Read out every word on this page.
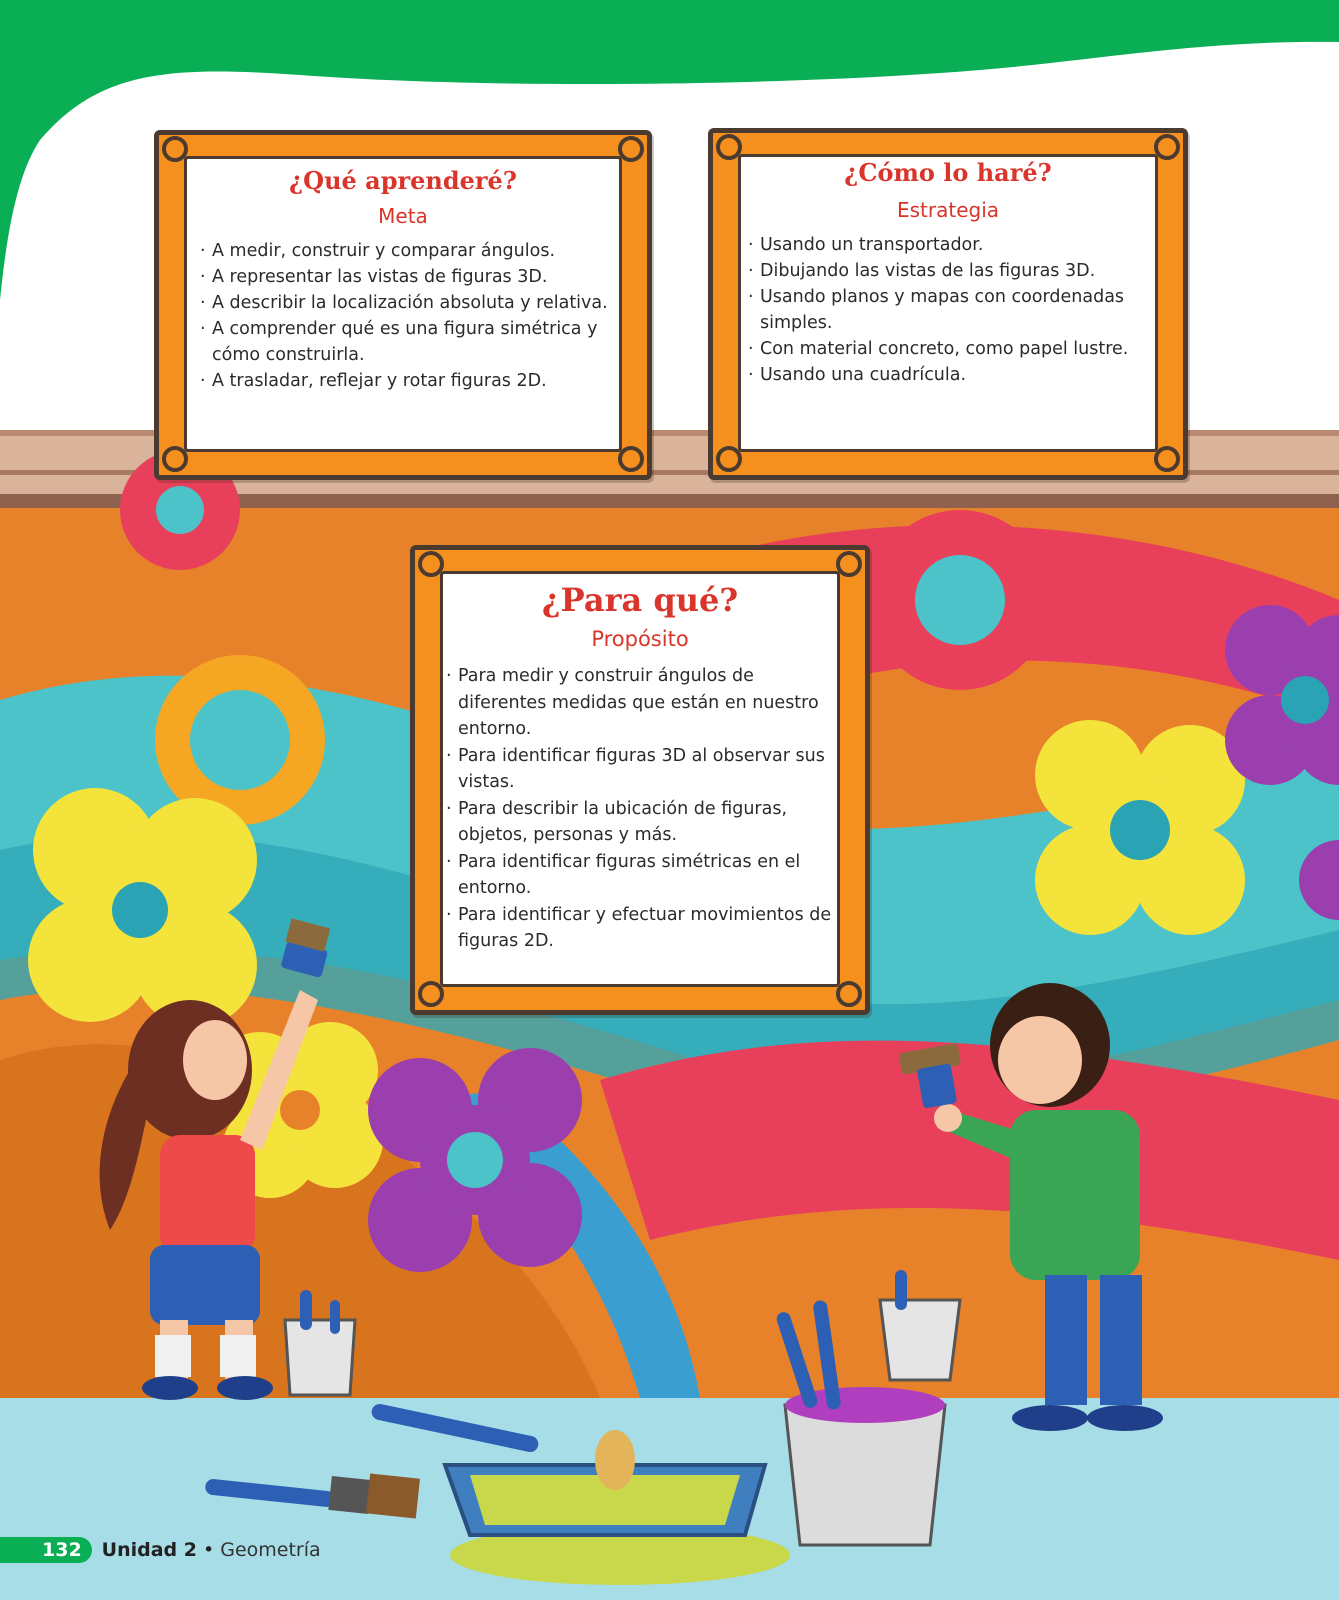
¿Qué aprenderé?
Meta
· A medir, construir y comparar ángulos.
· A representar las vistas de figuras 3D.
· A describir la localización absoluta y relativa.
· A comprender qué es una figura simétrica y cómo construirla.
· A trasladar, reflejar y rotar figuras 2D.
¿Cómo lo haré?
Estrategia
· Usando un transportador.
· Dibujando las vistas de las figuras 3D.
· Usando planos y mapas con coordenadas simples.
· Con material concreto, como papel lustre.
· Usando una cuadrícula.
¿Para qué?
Propósito
· Para medir y construir ángulos de diferentes medidas que están en nuestro entorno.
· Para identificar figuras 3D al observar sus vistas.
· Para describir la ubicación de figuras, objetos, personas y más.
· Para identificar figuras simétricas en el entorno.
· Para identificar y efectuar movimientos de figuras 2D.
132	Unidad 2 • Geometría
